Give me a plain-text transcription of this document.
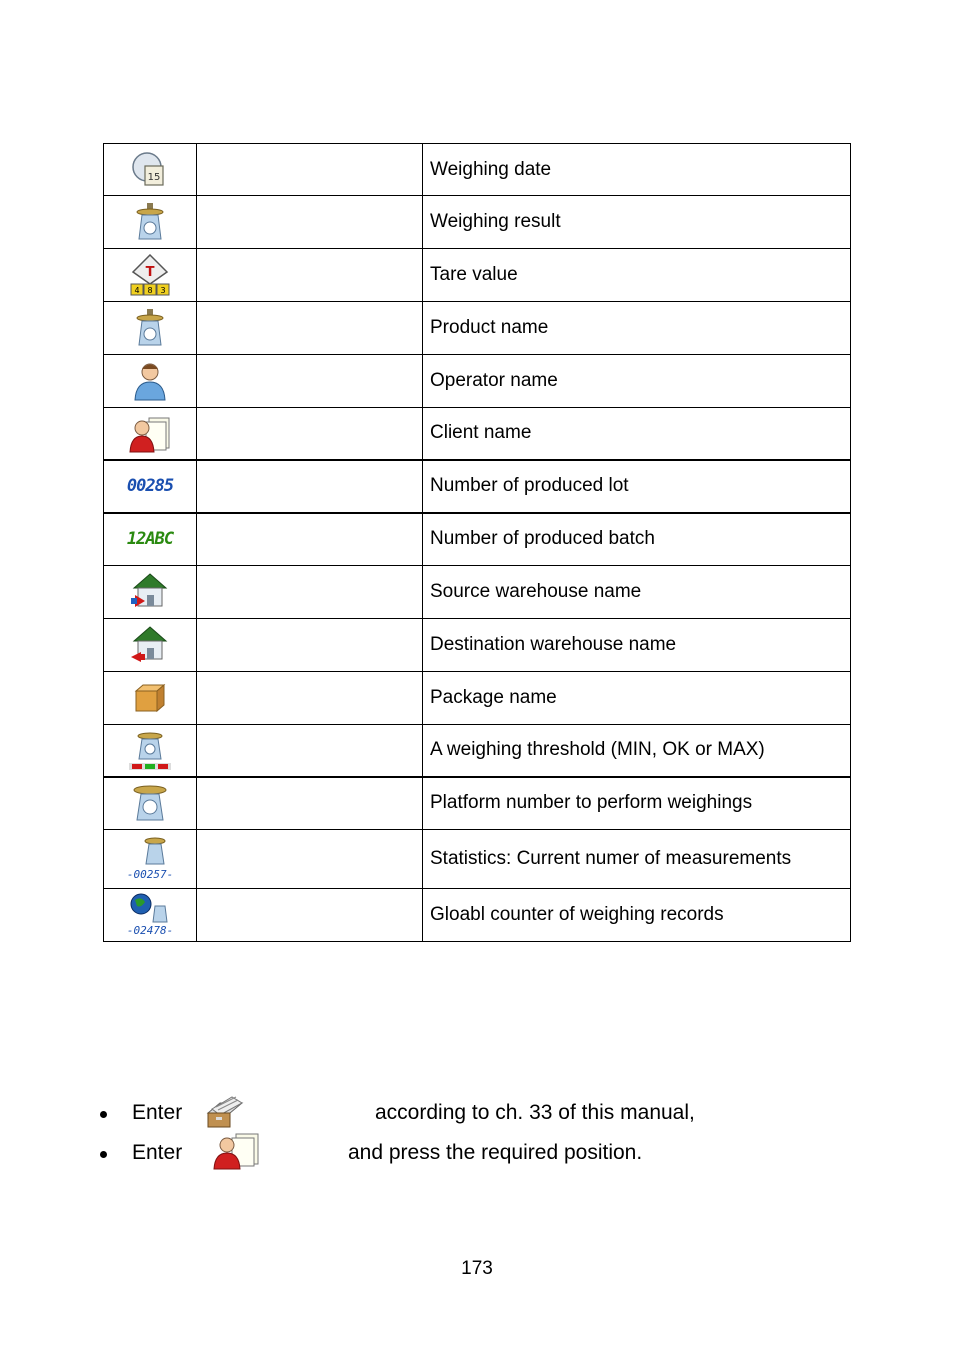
15		Weighing date
		Weighing result

T
4 8 3		Tare value
		Product name
		Operator name
		Client name
00285		Number of produced lot
12ABC		Number of produced batch
		Source warehouse name
		Destination warehouse name
		Package name
		A weighing threshold (MIN, OK or MAX)
		Platform number to perform weighings

-00257-		Statistics: Current numer of measurements

-02478-		Gloabl counter of weighing records
Enter	according to ch. 33 of this manual,
Enter	and press the required position.
173
